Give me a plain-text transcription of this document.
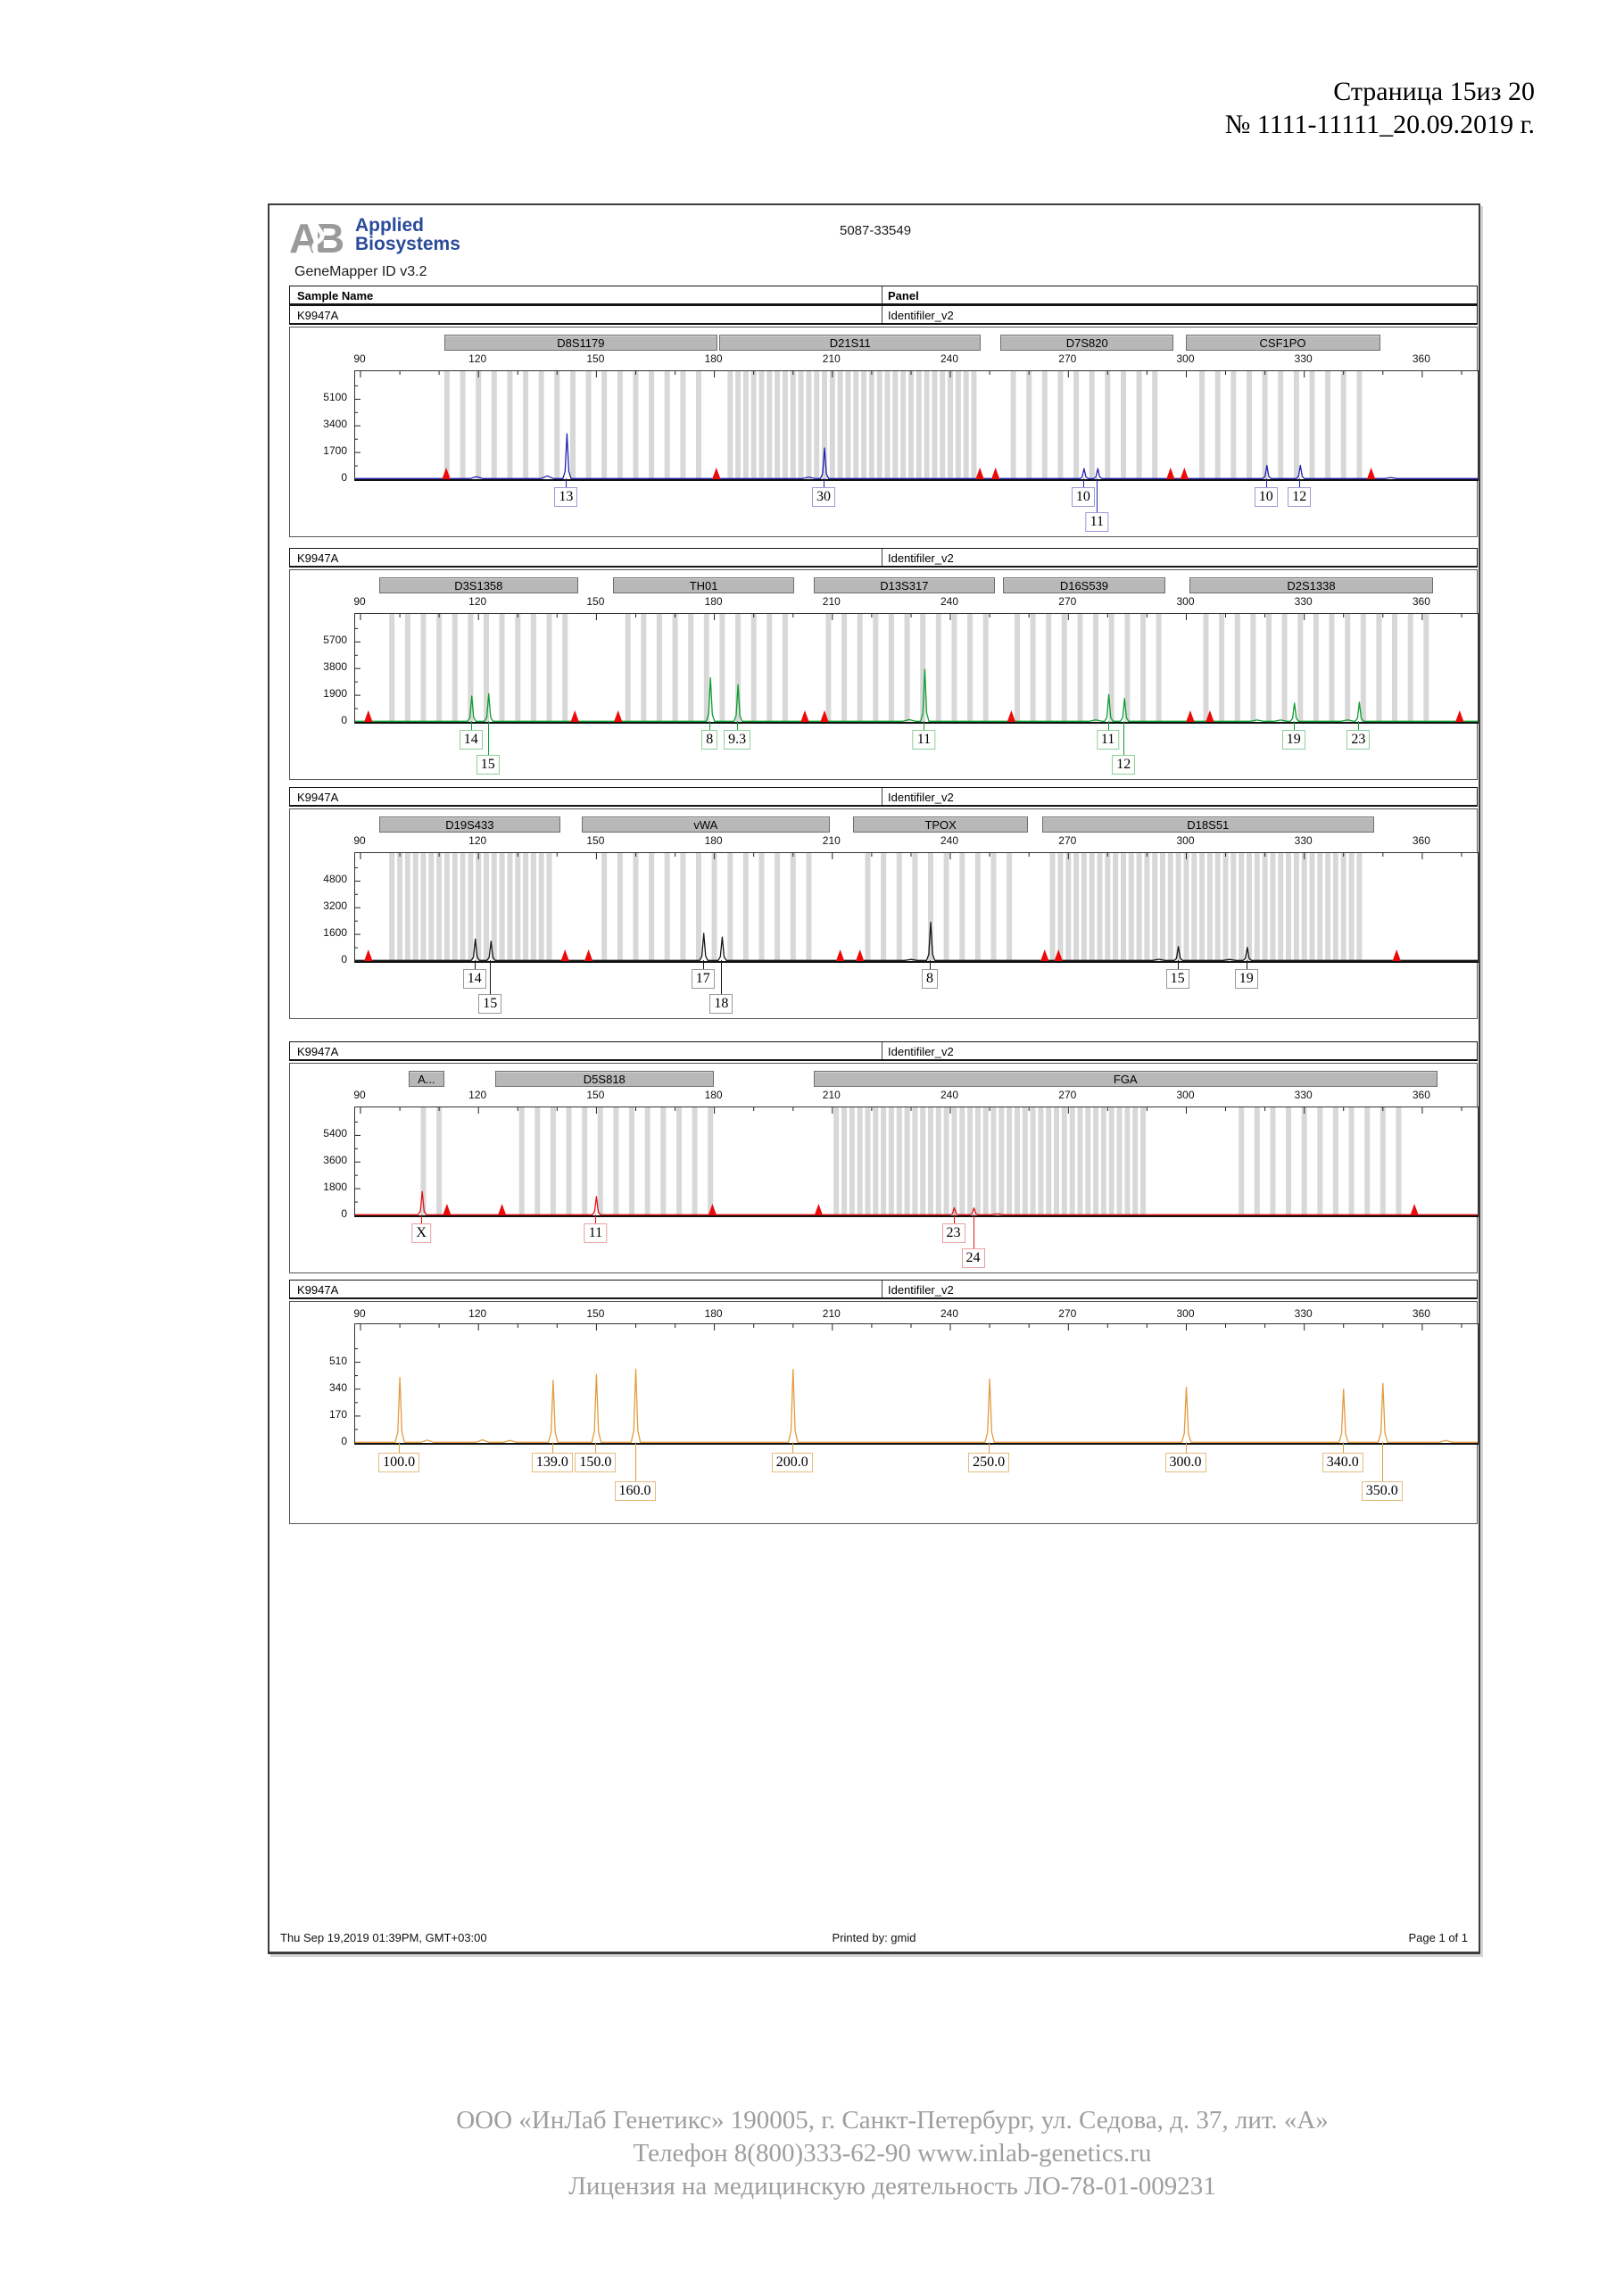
Страница 15из 20
№ 1111-11111_20.09.2019 г.
A
B Applied
Biosystems
GeneMapper ID v3.2
5087-33549
Sample Name	Panel
K9947A	Identifiler_v2
D8S1179	D21S11	D7S820	CSF1PO
90	120	150	180	210	240	270	300	330	360
0
1700
3400
5100
13	30	10
11
10	12
K9947A	Identifiler_v2
D3S1358	TH01	D13S317	D16S539	D2S1338
90	120	150	180	210	240	270	300	330	360
0
1900
3800
5700
14
15
8	9.3	11	11
12
19	23
K9947A	Identifiler_v2
D19S433	vWA	TPOX	D18S51
90	120	150	180	210	240	270	300	330	360
0
1600
3200
4800
14
15
17
18
8	15	19
K9947A	Identifiler_v2
A...	D5S818	FGA
90	120	150	180	210	240	270	300	330	360
0
1800
3600
5400
X	11	23
24
K9947A	Identifiler_v2
90	120	150	180	210	240	270	300	330	360
0
170
340
510
100.0	139.0 150.0
160.0
200.0	250.0	300.0	340.0
350.0
Thu Sep 19,2019 01:39PM, GMT+03:00	Printed by: gmid	Page 1 of 1
ООО «ИнЛаб Генетикс» 190005, г. Санкт-Петербург, ул. Седова, д. 37, лит. «А»
Телефон 8(800)333-62-90 www.inlab-genetics.ru
Лицензия на медицинскую деятельность ЛО-78-01-009231
